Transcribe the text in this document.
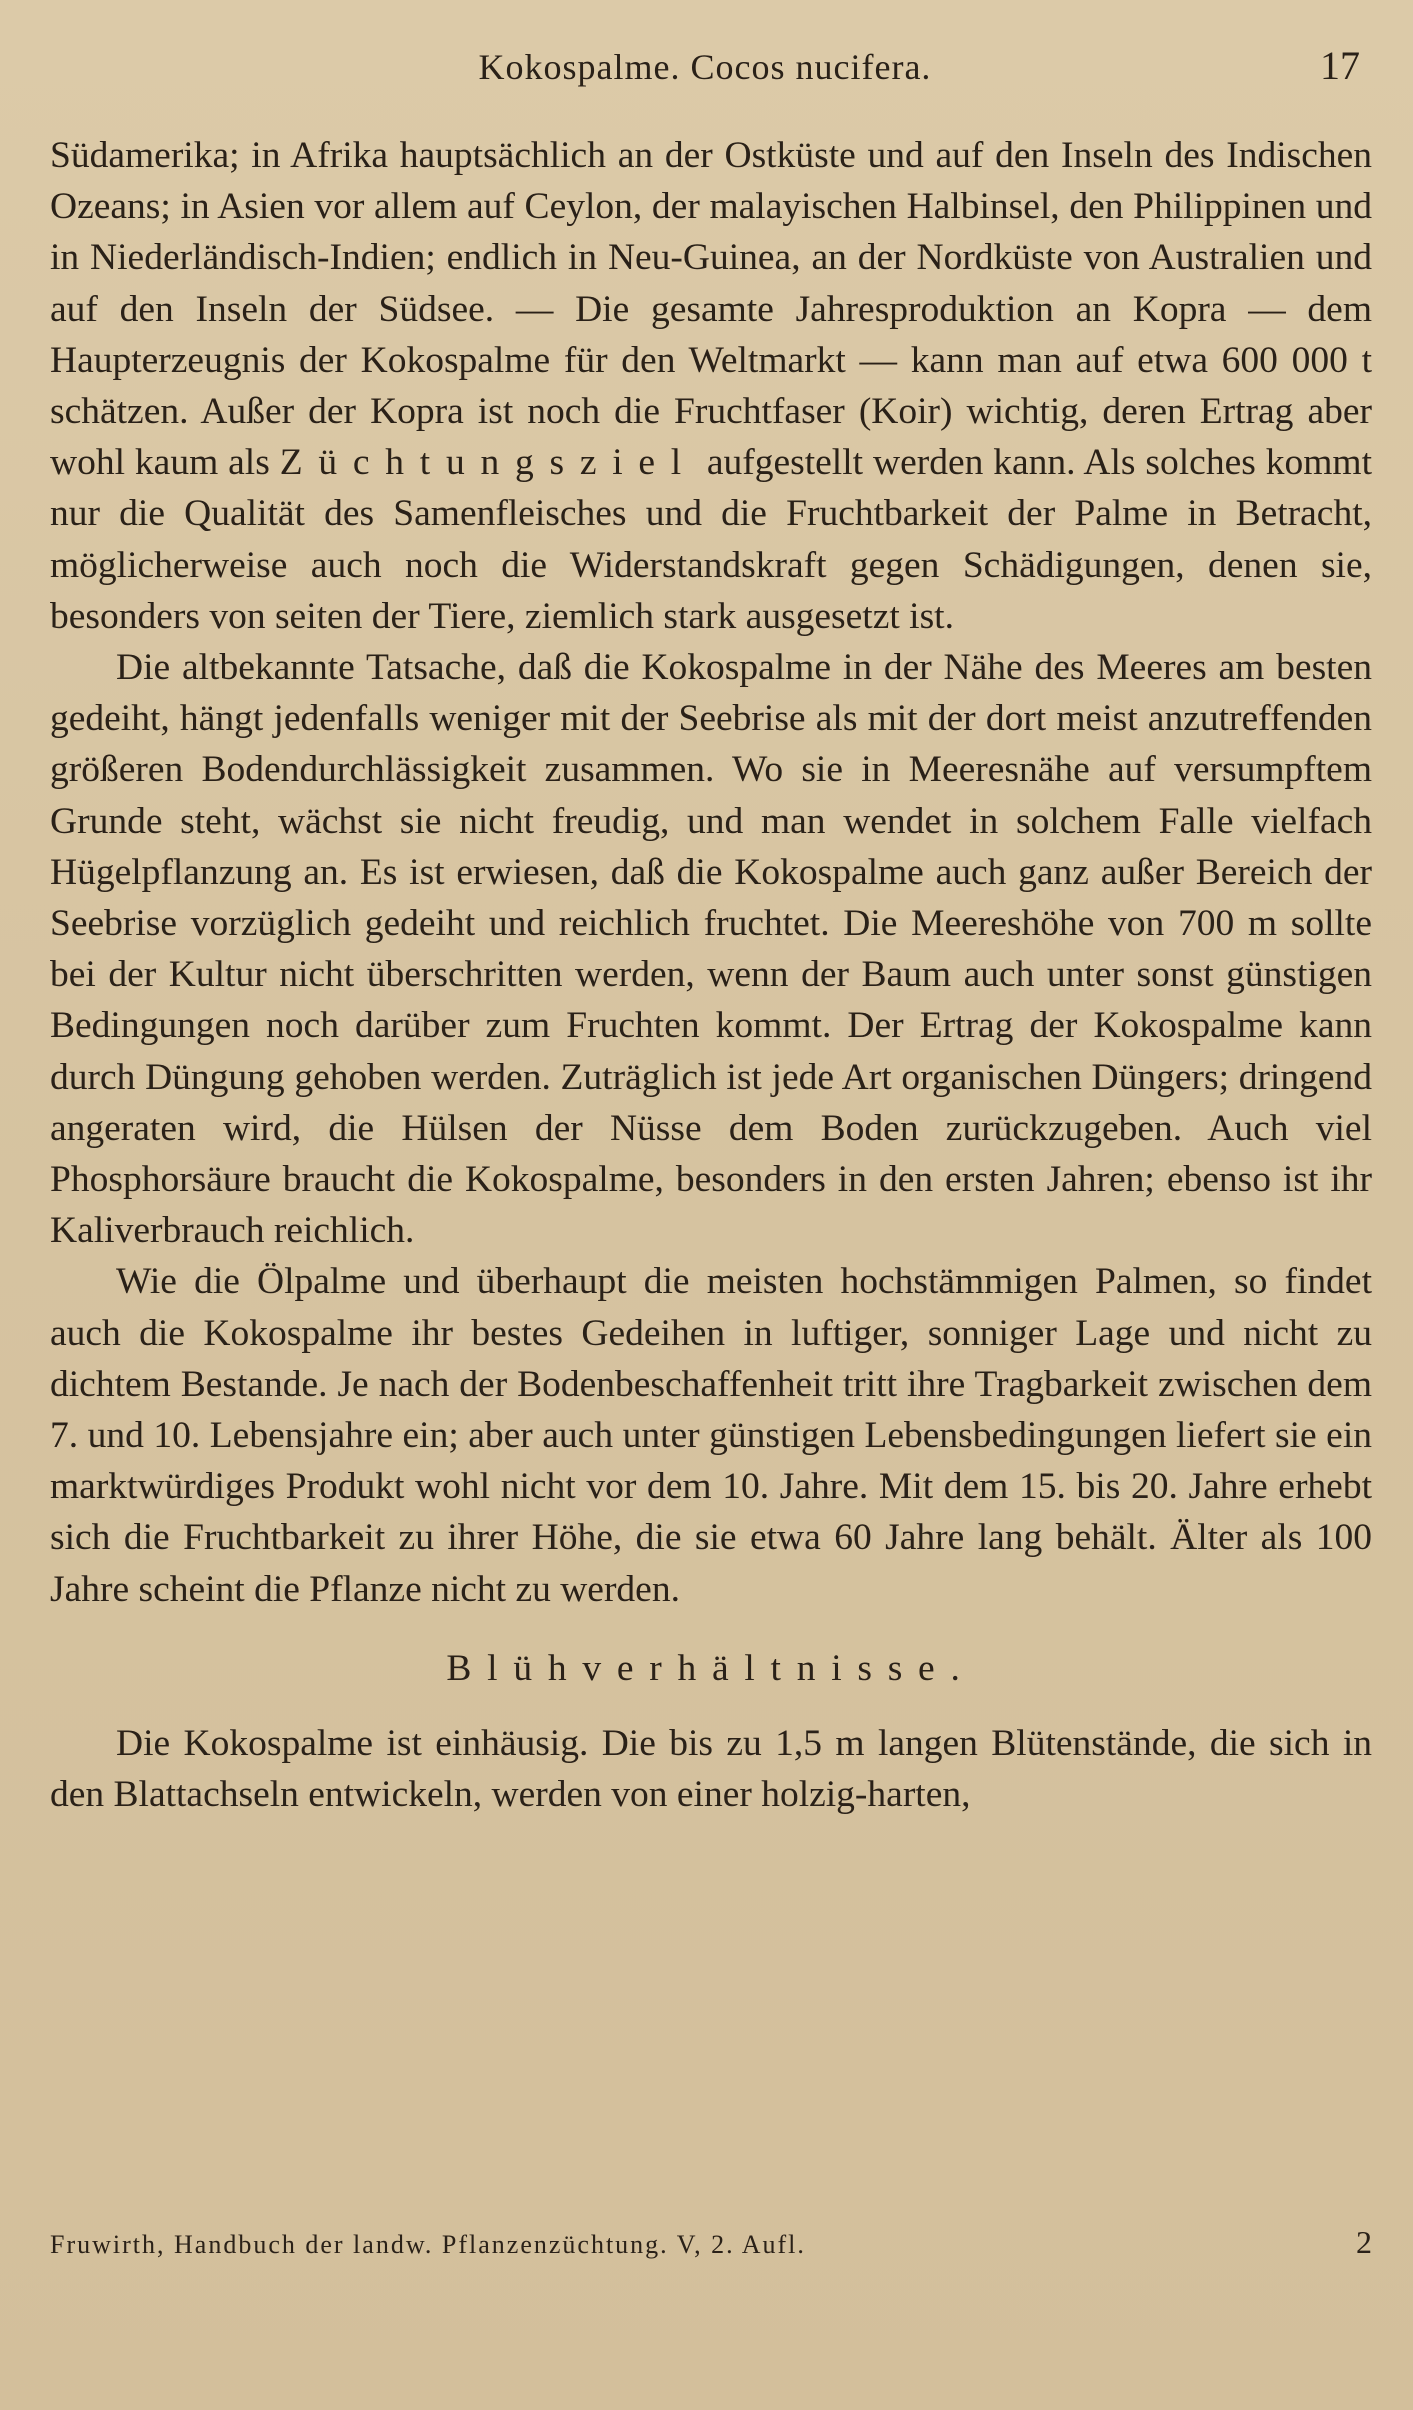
Kokospalme. Cocos nucifera.	17

Südamerika; in Afrika hauptsächlich an der Ostküste und auf den Inseln des Indischen Ozeans; in Asien vor allem auf Ceylon, der malayischen Halbinsel, den Philippinen und in Niederländisch-Indien; endlich in Neu-Guinea, an der Nordküste von Australien und auf den Inseln der Südsee. — Die gesamte Jahresproduktion an Kopra — dem Haupterzeugnis der Kokospalme für den Weltmarkt — kann man auf etwa 600 000 t schätzen. Außer der Kopra ist noch die Fruchtfaser (Koir) wichtig, deren Ertrag aber wohl kaum als Züchtungsziel aufgestellt werden kann. Als solches kommt nur die Qualität des Samenfleisches und die Fruchtbarkeit der Palme in Betracht, möglicherweise auch noch die Widerstandskraft gegen Schädigungen, denen sie, besonders von seiten der Tiere, ziemlich stark ausgesetzt ist.

Die altbekannte Tatsache, daß die Kokospalme in der Nähe des Meeres am besten gedeiht, hängt jedenfalls weniger mit der Seebrise als mit der dort meist anzutreffenden größeren Bodendurchlässigkeit zusammen. Wo sie in Meeresnähe auf versumpftem Grunde steht, wächst sie nicht freudig, und man wendet in solchem Falle vielfach Hügelpflanzung an. Es ist erwiesen, daß die Kokospalme auch ganz außer Bereich der Seebrise vorzüglich gedeiht und reichlich fruchtet. Die Meereshöhe von 700 m sollte bei der Kultur nicht überschritten werden, wenn der Baum auch unter sonst günstigen Bedingungen noch darüber zum Fruchten kommt. Der Ertrag der Kokospalme kann durch Düngung gehoben werden. Zuträglich ist jede Art organischen Düngers; dringend angeraten wird, die Hülsen der Nüsse dem Boden zurückzugeben. Auch viel Phosphorsäure braucht die Kokospalme, besonders in den ersten Jahren; ebenso ist ihr Kaliverbrauch reichlich.

Wie die Ölpalme und überhaupt die meisten hochstämmigen Palmen, so findet auch die Kokospalme ihr bestes Gedeihen in luftiger, sonniger Lage und nicht zu dichtem Bestande. Je nach der Bodenbeschaffenheit tritt ihre Tragbarkeit zwischen dem 7. und 10. Lebensjahre ein; aber auch unter günstigen Lebensbedingungen liefert sie ein marktwürdiges Produkt wohl nicht vor dem 10. Jahre. Mit dem 15. bis 20. Jahre erhebt sich die Fruchtbarkeit zu ihrer Höhe, die sie etwa 60 Jahre lang behält. Älter als 100 Jahre scheint die Pflanze nicht zu werden.

Blühverhältnisse.

Die Kokospalme ist einhäusig. Die bis zu 1,5 m langen Blütenstände, die sich in den Blattachseln entwickeln, werden von einer holzig-harten,

Fruwirth, Handbuch der landw. Pflanzenzüchtung. V, 2. Aufl.	2
